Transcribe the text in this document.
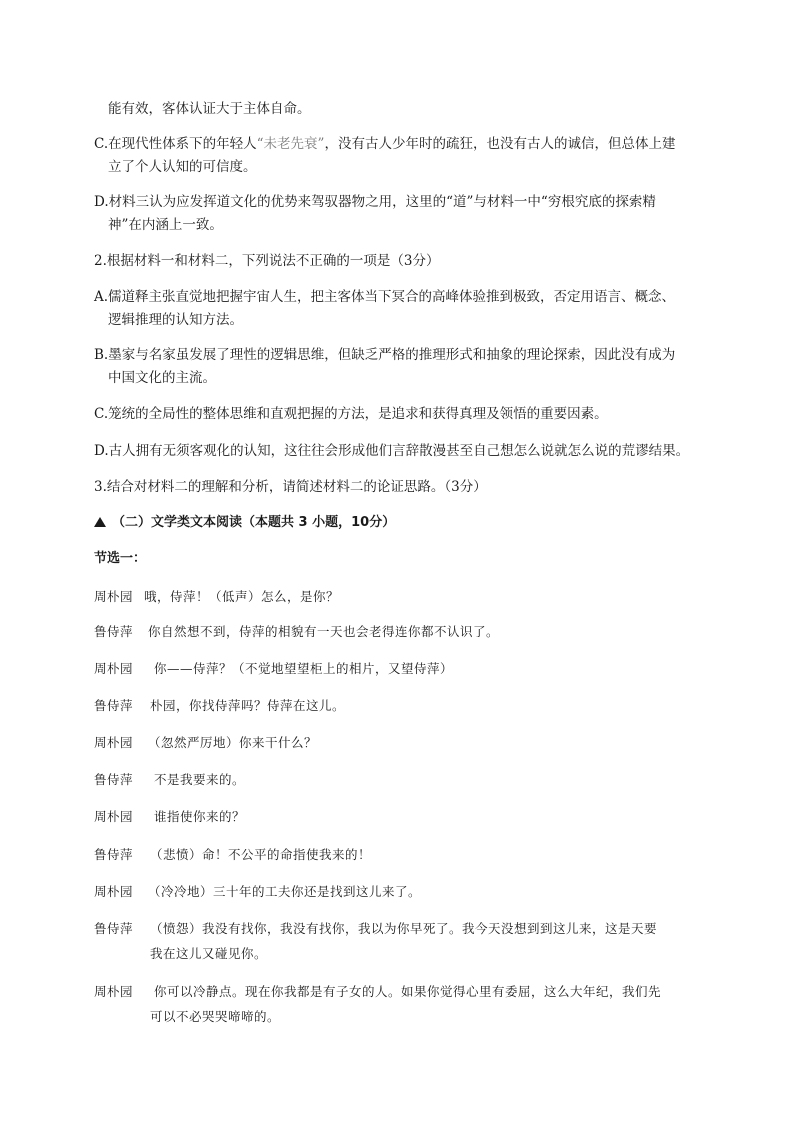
能有效，客体认证大于主体自命。
C.在现代性体系下的年轻人“未老先衰”，没有古人少年时的疏狂，也没有古人的诚信，但总体上建
立了个人认知的可信度。
D.材料三认为应发挥道文化的优势来驾驭器物之用，这里的“道”与材料一中“穷根究底的探索精
神”在内涵上一致。
2.根据材料一和材料二，下列说法不正确的一项是（3分）
A.儒道释主张直觉地把握宇宙人生，把主客体当下冥合的高峰体验推到极致，否定用语言、概念、
逻辑推理的认知方法。
B.墨家与名家虽发展了理性的逻辑思维，但缺乏严格的推理形式和抽象的理论探索，因此没有成为
中国文化的主流。
C.笼统的全局性的整体思维和直观把握的方法，是追求和获得真理及领悟的重要因素。
D.古人拥有无须客观化的认知，这往往会形成他们言辞散漫甚至自己想怎么说就怎么说的荒谬结果。
3.结合对材料二的理解和分析，请简述材料二的论证思路。（3分）
（二）文学类文本阅读（本题共 3 小题，10分）
节选一：
周朴园 哦，侍萍！（低声）怎么，是你？
鲁侍萍 你自然想不到，侍萍的相貌有一天也会老得连你都不认识了。
周朴园 你——侍萍？（不觉地望望柜上的相片，又望侍萍）
鲁侍萍 朴园，你找侍萍吗？侍萍在这儿。
周朴园 （忽然严厉地）你来干什么？
鲁侍萍 不是我要来的。
周朴园 谁指使你来的？
鲁侍萍 （悲愤）命！不公平的命指使我来的！
周朴园 （冷冷地）三十年的工夫你还是找到这儿来了。
鲁侍萍 （愤怨）我没有找你，我没有找你，我以为你早死了。我今天没想到到这儿来，这是天要
我在这儿又碰见你。
周朴园 你可以冷静点。现在你我都是有子女的人。如果你觉得心里有委屈，这么大年纪，我们先
可以不必哭哭啼啼的。
